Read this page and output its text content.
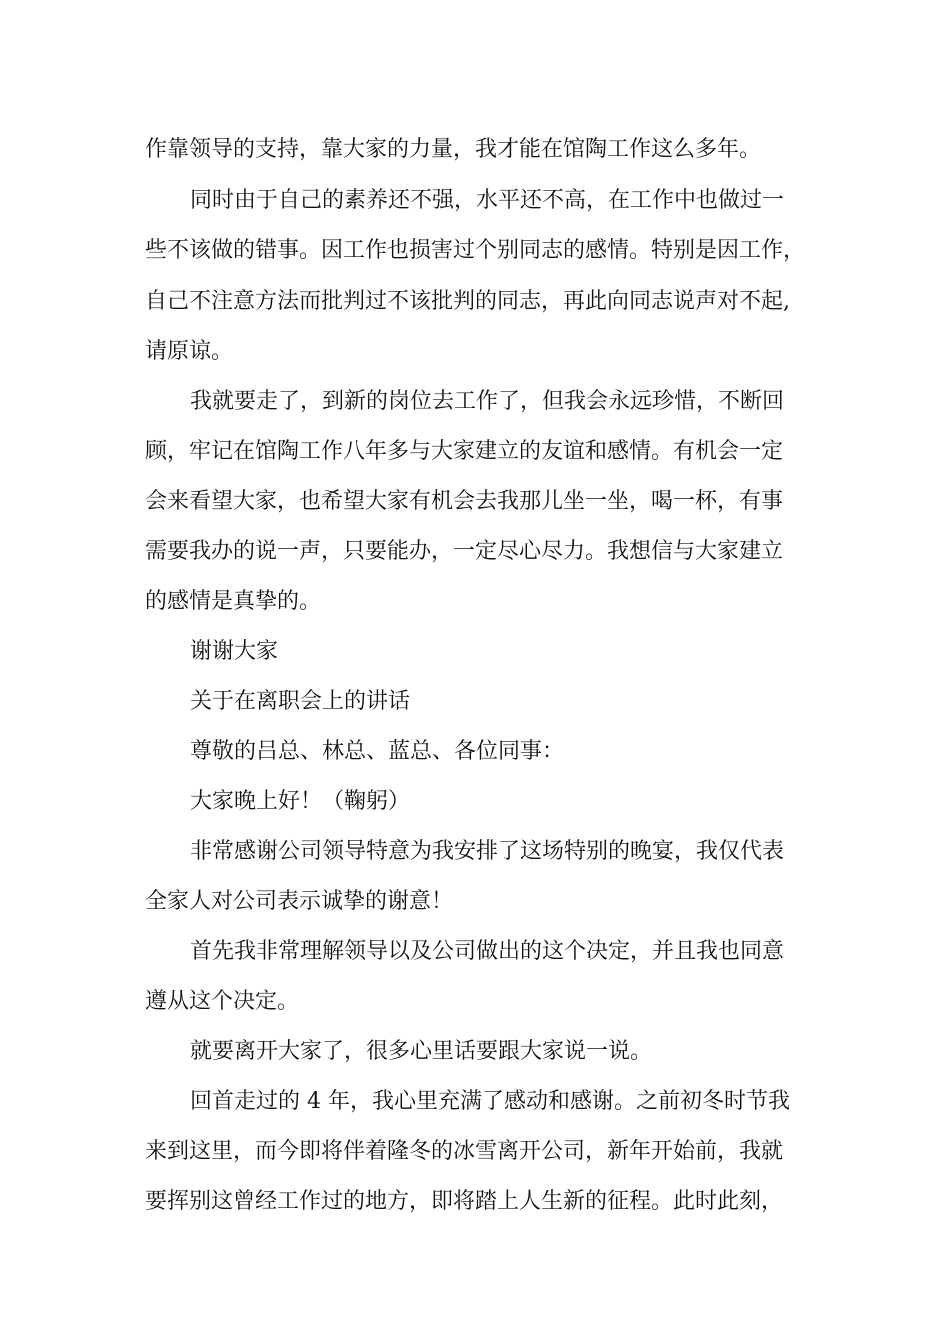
作靠领导的支持，靠大家的力量，我才能在馆陶工作这么多年。
同时由于自己的素养还不强，水平还不高，在工作中也做过一
些不该做的错事。因工作也损害过个别同志的感情。特别是因工作，
自己不注意方法而批判过不该批判的同志，再此向同志说声对不起,
请原谅。
我就要走了，到新的岗位去工作了，但我会永远珍惜，不断回
顾，牢记在馆陶工作八年多与大家建立的友谊和感情。有机会一定
会来看望大家，也希望大家有机会去我那儿坐一坐，喝一杯，有事
需要我办的说一声，只要能办，一定尽心尽力。我想信与大家建立
的感情是真挚的。
谢谢大家
关于在离职会上的讲话
尊敬的吕总、林总、蓝总、各位同事：
大家晚上好！（鞠躬）
非常感谢公司领导特意为我安排了这场特别的晚宴，我仅代表
全家人对公司表示诚挚的谢意！
首先我非常理解领导以及公司做出的这个决定，并且我也同意
遵从这个决定。
就要离开大家了，很多心里话要跟大家说一说。
回首走过的 4 年，我心里充满了感动和感谢。之前初冬时节我
来到这里，而今即将伴着隆冬的冰雪离开公司，新年开始前，我就
要挥别这曾经工作过的地方，即将踏上人生新的征程。此时此刻，
